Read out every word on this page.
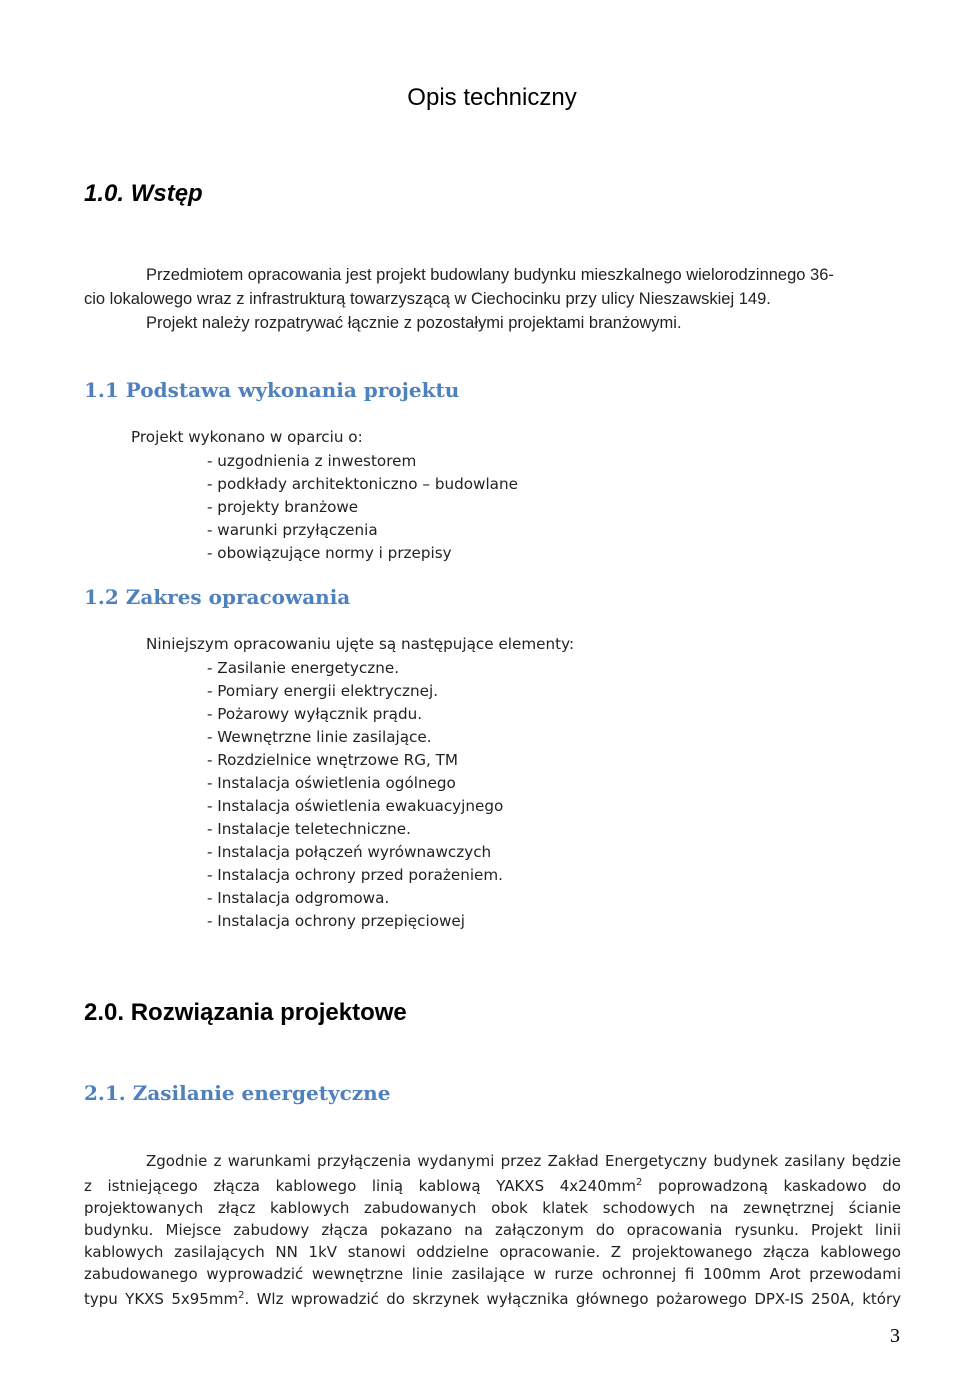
Opis techniczny
1.0. Wstęp
Przedmiotem opracowania jest projekt budowlany budynku mieszkalnego wielorodzinnego 36-
cio lokalowego wraz z infrastrukturą towarzyszącą w Ciechocinku przy ulicy Nieszawskiej 149.
Projekt należy rozpatrywać łącznie z pozostałymi projektami branżowymi.
1.1 Podstawa wykonania projektu
Projekt wykonano w oparciu o:
- uzgodnienia z inwestorem
- podkłady architektoniczno – budowlane
- projekty branżowe
- warunki przyłączenia
- obowiązujące normy i przepisy
1.2 Zakres opracowania
Niniejszym opracowaniu ujęte są następujące elementy:
- Zasilanie energetyczne.
- Pomiary energii elektrycznej.
- Pożarowy wyłącznik prądu.
- Wewnętrzne linie zasilające.
- Rozdzielnice wnętrzowe RG, TM
- Instalacja oświetlenia ogólnego
- Instalacja oświetlenia ewakuacyjnego
- Instalacje teletechniczne.
- Instalacja połączeń wyrównawczych
- Instalacja ochrony przed porażeniem.
- Instalacja odgromowa.
- Instalacja ochrony przepięciowej
2.0. Rozwiązania projektowe
2.1. Zasilanie energetyczne
Zgodnie z warunkami przyłączenia wydanymi przez Zakład Energetyczny budynek zasilany będzie
z istniejącego złącza kablowego linią kablową YAKXS $4x240mm^2$ poprowadzoną kaskadowo do
projektowanych złącz kablowych zabudowanych obok klatek schodowych na zewnętrznej ścianie
budynku. Miejsce zabudowy złącza pokazano na załączonym do opracowania rysunku. Projekt linii
kablowych zasilających NN 1kV stanowi oddzielne opracowanie. Z projektowanego złącza kablowego
zabudowanego wyprowadzić wewnętrzne linie zasilające w rurze ochronnej fi 100mm Arot przewodami
typu YKXS $5x95mm^2$. Wlz wprowadzić do skrzynek wyłącznika głównego pożarowego DPX-IS 250A, który
3
